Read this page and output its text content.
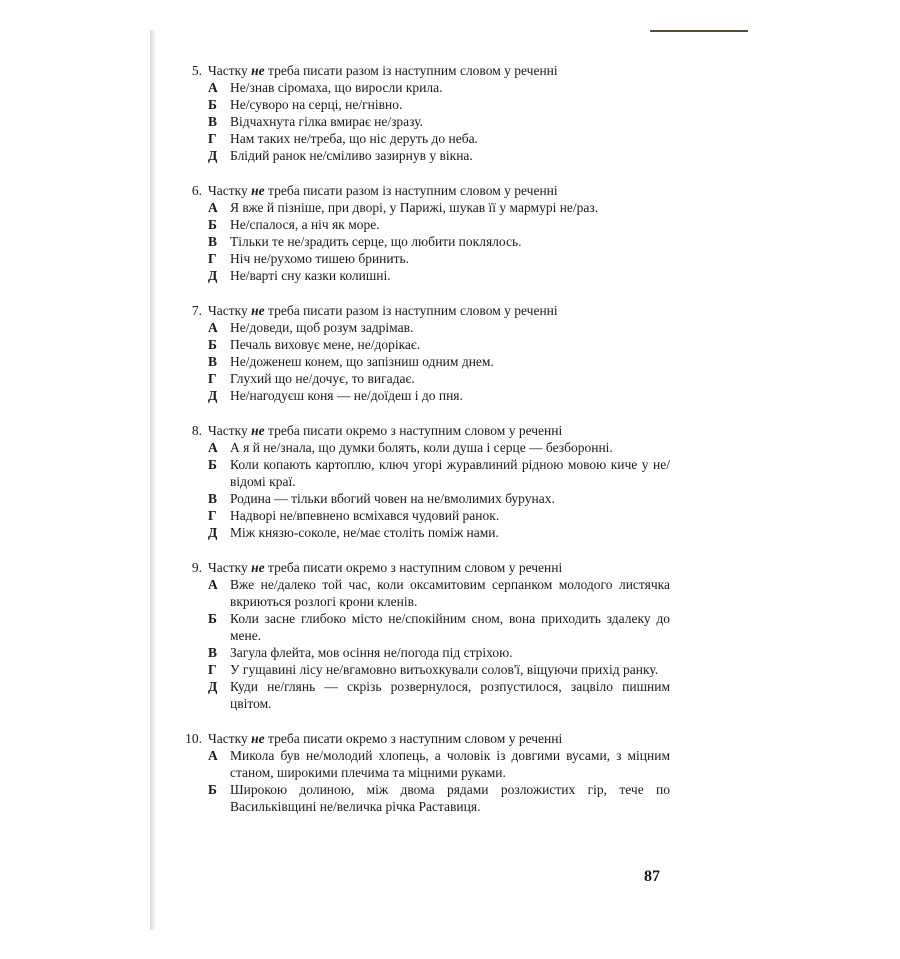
5. Частку не треба писати разом із наступним словом у реченні
А Не/знав сіромаха, що виросли крила.
Б Не/суворо на серці, не/гнівно.
В Відчахнута гілка вмирає не/зразу.
Г Нам таких не/треба, що ніс деруть до неба.
Д Блідий ранок не/сміливо зазирнув у вікна.
6. Частку не треба писати разом із наступним словом у реченні
А Я вже й пізніше, при дворі, у Парижі, шукав її у мармурі не/раз.
Б Не/спалося, а ніч як море.
В Тільки те не/зрадить серце, що любити поклялось.
Г Ніч не/рухомо тишею бринить.
Д Не/варті сну казки колишні.
7. Частку не треба писати разом із наступним словом у реченні
А Не/доведи, щоб розум задрімав.
Б Печаль виховує мене, не/дорікає.
В Не/доженеш конем, що запізниш одним днем.
Г Глухий що не/дочує, то вигадає.
Д Не/нагодуєш коня — не/доїдеш і до пня.
8. Частку не треба писати окремо з наступним словом у реченні
А А я й не/знала, що думки болять, коли душа і серце — безборонні.
Б Коли копають картоплю, ключ угорі журавлиний рідною мовою киче у не/відомі краї.
В Родина — тільки вбогий човен на не/вмолимих бурунах.
Г Надворі не/впевнено всміхався чудовий ранок.
Д Між князю-соколе, не/має століть поміж нами.
9. Частку не треба писати окремо з наступним словом у реченні
А Вже не/далеко той час, коли оксамитовим серпанком молодого листячка вкриються розлогі крони кленів.
Б Коли засне глибоко місто не/спокійним сном, вона приходить здалеку до мене.
В Загула флейта, мов осіння не/погода під стріхою.
Г У гущавині лісу не/вгамовно витьохкували солов'ї, віщуючи прихід ранку.
Д Куди не/глянь — скрізь розвернулося, розпустилося, зацвіло пишним цвітом.
10. Частку не треба писати окремо з наступним словом у реченні
А Микола був не/молодий хлопець, а чоловік із довгими вусами, з міцним станом, широкими плечима та міцними руками.
Б Широкою долиною, між двома рядами розложистих гір, тече по Васильківщині не/величка річка Раставиця.
87
